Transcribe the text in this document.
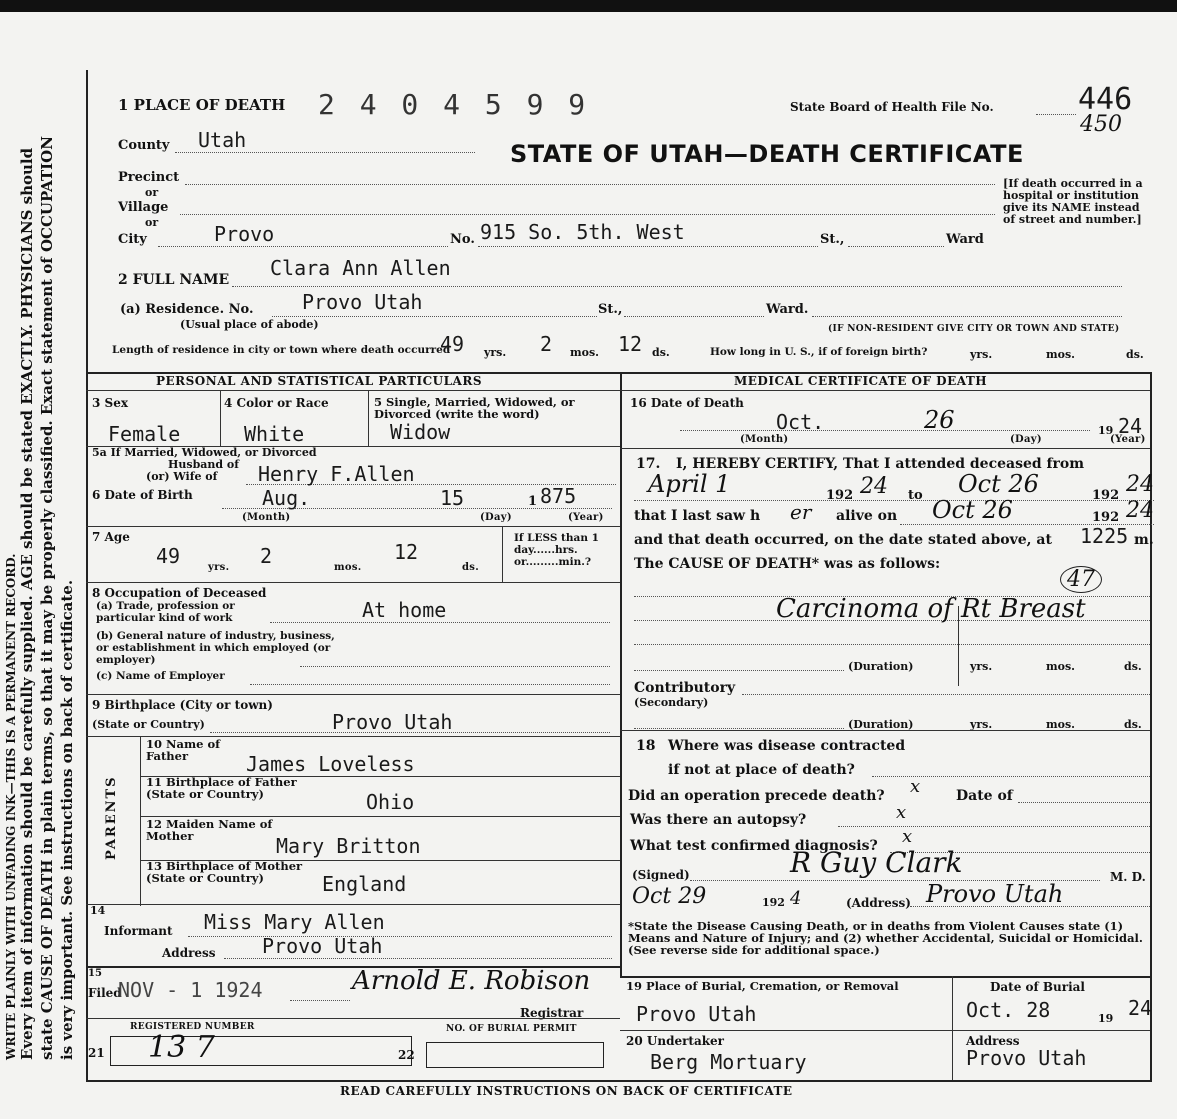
WRITE PLAINLY WITH UNFADING INK—THIS IS A PERMANENT RECORD. Every item of information should be carefully supplied. AGE should be stated EXACTLY. PHYSICIANS should state CAUSE OF DEATH in plain terms, so that it may be properly classified. Exact statement of OCCUPATION is very important. See instructions on back of certificate.
1 PLACE OF DEATH 2 4 0 4 5 9 9	State Board of Health File No.	446
450
STATE OF UTAH—DEATH CERTIFICATE
County Utah
Precinct
or
Village
or
City	Provo	No. 915 So. 5th. West	St.,	Ward
[If death occurred in a hospital or institution give its NAME instead of street and number.]
2 FULL NAME Clara Ann Allen
(a) Residence. No. Provo Utah	St.,	Ward.
(Usual place of abode)	(IF NON-RESIDENT GIVE CITY OR TOWN AND STATE)
Length of residence in city or town where death occurred
49 yrs. 2 mos. 12 ds.	How long in U. S., if of foreign birth?	yrs.	mos.	ds.
PERSONAL AND STATISTICAL PARTICULARS
3 Sex
Female
4 Color or Race
White
5 Single, Married, Widowed, or Divorced (write the word)
Widow
5a If Married, Widowed, or Divorced
Husband of
(or) Wife of Henry F.Allen
6 Date of Birth	Aug.	15	1 875
(Month)	(Day)	(Year)
7 Age
49	yrs. 2	mos.
12
ds.
If LESS than 1 day......hrs. or.........min.?
8 Occupation of Deceased
(a) Trade, profession or particular kind of work	At home
(b) General nature of industry, business, or establishment in which employed (or employer)
(c) Name of Employer
9 Birthplace (City or town)
(State or Country)	Provo Utah
PARENTS
10 Name of Father	James Loveless
11 Birthplace of Father (State or Country)	Ohio
12 Maiden Name of Mother	Mary Britton
13 Birthplace of Mother (State or Country)	England
14
Informant Miss Mary Allen
Address Provo Utah
15
Filed
NOV - 1 1924	Arnold E. Robison
Registrar
REGISTERED NUMBER	NO. OF BURIAL PERMIT
21 13 7	22
MEDICAL CERTIFICATE OF DEATH
16 Date of Death
Oct.	26	19 24
(Month)	(Day)	(Year)
17. I, HEREBY CERTIFY, That I attended deceased from
April 1	192 24 to Oct 26	192 24
that I last saw h er alive on Oct 26	192 24
and that death occurred, on the date stated above, at 1225 m.
The CAUSE OF DEATH* was as follows:
47
Carcinoma of Rt Breast
(Duration)	yrs.	mos.	ds.
Contributory
(Secondary)
(Duration)	yrs.	mos.	ds.
18 Where was disease contracted
if not at place of death?
Did an operation precede death? x	Date of
Was there an autopsy?	x
What test confirmed diagnosis? x
(Signed)	R Guy Clark	M. D.
Oct 29	192 4	(Address) Provo Utah
*State the Disease Causing Death, or in deaths from Violent Causes state (1) Means and Nature of Injury; and (2) whether Accidental, Suicidal or Homicidal. (See reverse side for additional space.)
19 Place of Burial, Cremation, or Removal
Provo Utah
Date of Burial
Oct. 28	19 24
20 Undertaker
Berg Mortuary
Address
Provo Utah
READ CAREFULLY INSTRUCTIONS ON BACK OF CERTIFICATE
